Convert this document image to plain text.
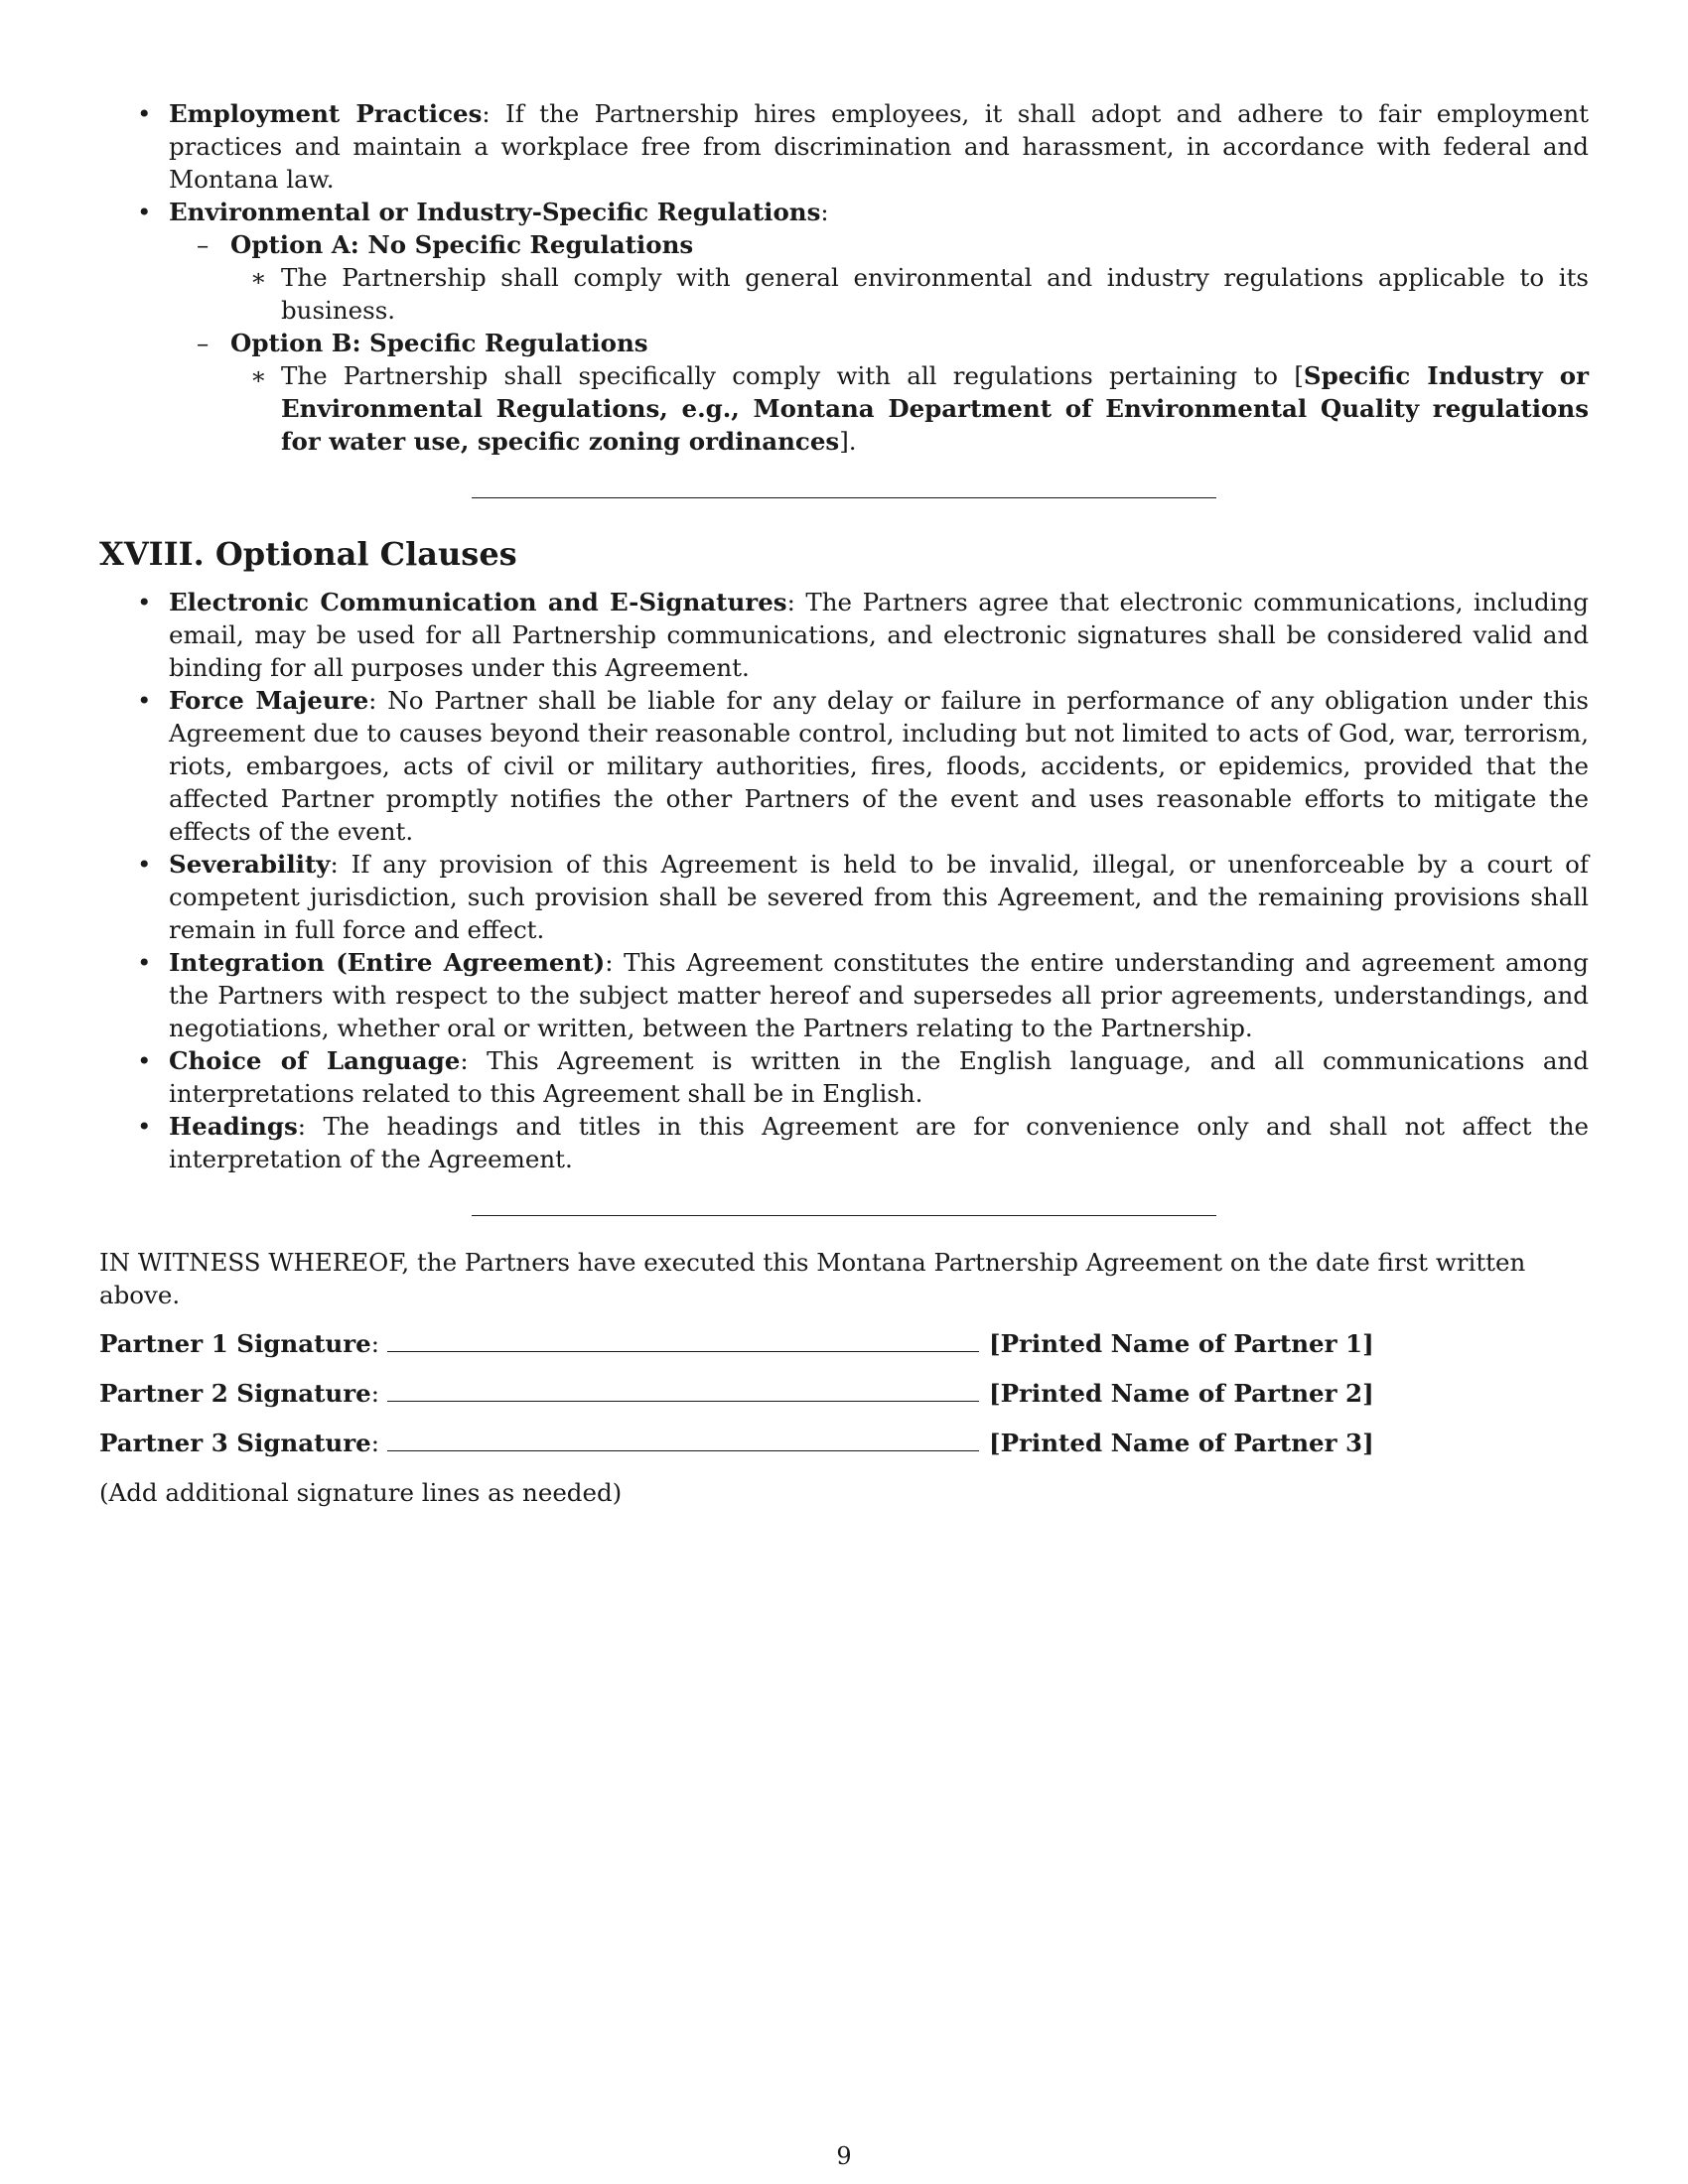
• Employment Practices: If the Partnership hires employees, it shall adopt and adhere to fair employment practices and maintain a workplace free from discrimination and harassment, in accordance with federal and Montana law.
• Environmental or Industry-Specific Regulations:
– Option A: No Specific Regulations
∗ The Partnership shall comply with general environmental and industry regulations applicable to its business.
– Option B: Specific Regulations
∗ The Partnership shall specifically comply with all regulations pertaining to [Specific Industry or Environmental Regulations, e.g., Montana Department of Environmental Quality regulations for water use, specific zoning ordinances].
XVIII. Optional Clauses
• Electronic Communication and E-Signatures: The Partners agree that electronic communications, including email, may be used for all Partnership communications, and electronic signatures shall be considered valid and binding for all purposes under this Agreement.
• Force Majeure: No Partner shall be liable for any delay or failure in performance of any obligation under this Agreement due to causes beyond their reasonable control, including but not limited to acts of God, war, terrorism, riots, embargoes, acts of civil or military authorities, fires, floods, accidents, or epidemics, provided that the affected Partner promptly notifies the other Partners of the event and uses reasonable efforts to mitigate the effects of the event.
• Severability: If any provision of this Agreement is held to be invalid, illegal, or unenforceable by a court of competent jurisdiction, such provision shall be severed from this Agreement, and the remaining provisions shall remain in full force and effect.
• Integration (Entire Agreement): This Agreement constitutes the entire understanding and agreement among the Partners with respect to the subject matter hereof and supersedes all prior agreements, understandings, and negotiations, whether oral or written, between the Partners relating to the Partnership.
• Choice of Language: This Agreement is written in the English language, and all communications and interpretations related to this Agreement shall be in English.
• Headings: The headings and titles in this Agreement are for convenience only and shall not affect the interpretation of the Agreement.

IN WITNESS WHEREOF, the Partners have executed this Montana Partnership Agreement on the date first written above.

Partner 1 Signature :	[Printed Name of Partner 1]
Partner 2 Signature :	[Printed Name of Partner 2]
Partner 3 Signature :	[Printed Name of Partner 3]

(Add additional signature lines as needed)

9
